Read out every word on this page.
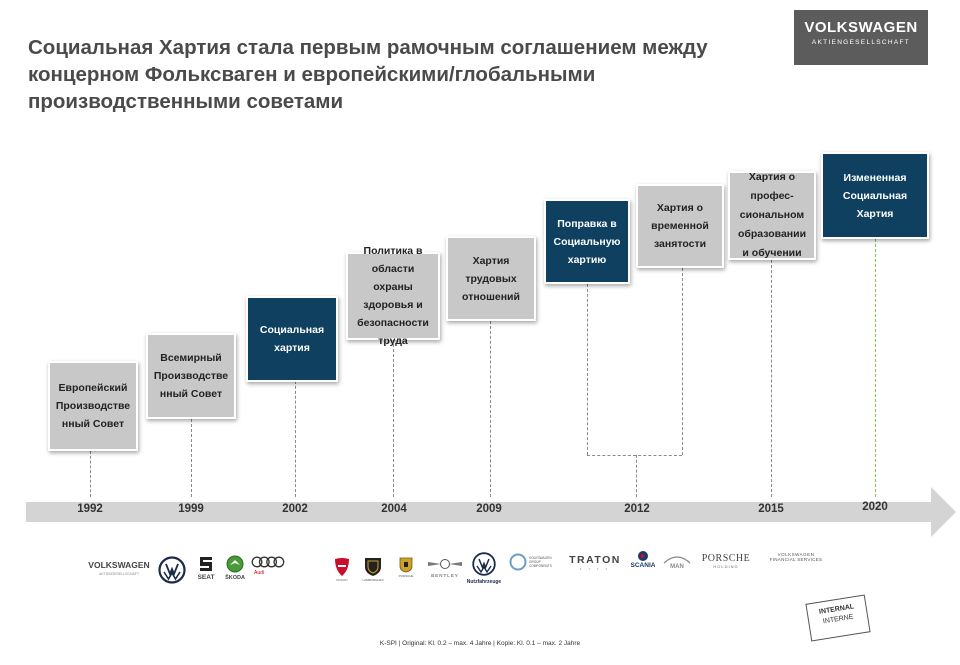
Социальная Хартия стала первым рамочным соглашением между концерном Фольксваген и европейскими/глобальными производственными советами
VOLKSWAGEN
AKTIENGESELLSCHAFT
Европейский
Производстве
нный Совет
Всемирный
Производстве
нный Совет
Социальная
хартия
Политика в
области охраны
здоровья и
безопасности
труда
Хартия
трудовых
отношений
Поправка в
Социальную
хартию
Хартия о
временной
занятости
Хартия о
профес-
сиональном
образовании
и обучении
Измененная
Социальная
Хартия
1992	1999	2002	2004	2009	2012	2015	2020
VOLKSWAGEN
AKTIENGESELLSCHAFT	SEAT ŠKODA
Audi
DUCATI	LAMBORGHINI
PORSCHE	BENTLEY
Nutzfahrzeuge
VOLKSWAGEN GROUP COMPONENTS	TRATON
• • • •	SCANIA MAN
PORSCHE
HOLDING
VOLKSWAGEN
FINANCIAL SERVICES
INTERNAL
INTERNE
K-SPI | Original: Kl. 0.2 – max. 4 Jahre | Kopie: Kl. 0.1 – max. 2 Jahre
